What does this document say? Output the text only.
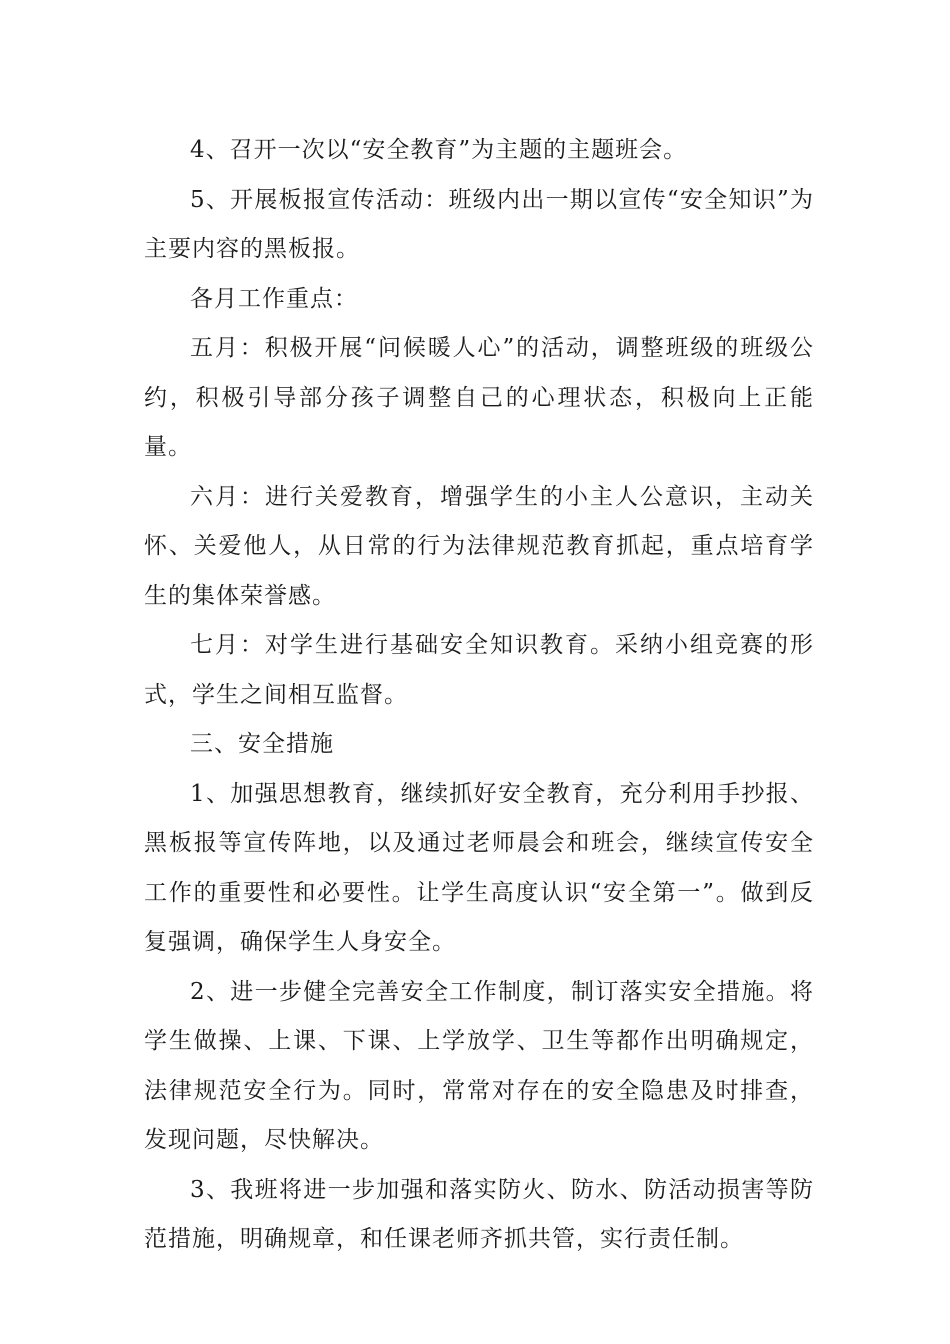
4、召开一次以“安全教育”为主题的主题班会。

5、开展板报宣传活动：班级内出一期以宣传“安全知识”为主要内容的黑板报。

各月工作重点：

五月：积极开展“问候暖人心”的活动，调整班级的班级公约，积极引导部分孩子调整自己的心理状态，积极向上正能量。

六月：进行关爱教育，增强学生的小主人公意识，主动关怀、关爱他人，从日常的行为法律规范教育抓起，重点培育学生的集体荣誉感。

七月：对学生进行基础安全知识教育。采纳小组竞赛的形式，学生之间相互监督。

三、安全措施

1、加强思想教育，继续抓好安全教育，充分利用手抄报、黑板报等宣传阵地，以及通过老师晨会和班会，继续宣传安全工作的重要性和必要性。让学生高度认识“安全第一”。做到反复强调，确保学生人身安全。

2、进一步健全完善安全工作制度，制订落实安全措施。将学生做操、上课、下课、上学放学、卫生等都作出明确规定，法律规范安全行为。同时，常常对存在的安全隐患及时排查，发现问题，尽快解决。

3、我班将进一步加强和落实防火、防水、防活动损害等防范措施，明确规章，和任课老师齐抓共管，实行责任制。
